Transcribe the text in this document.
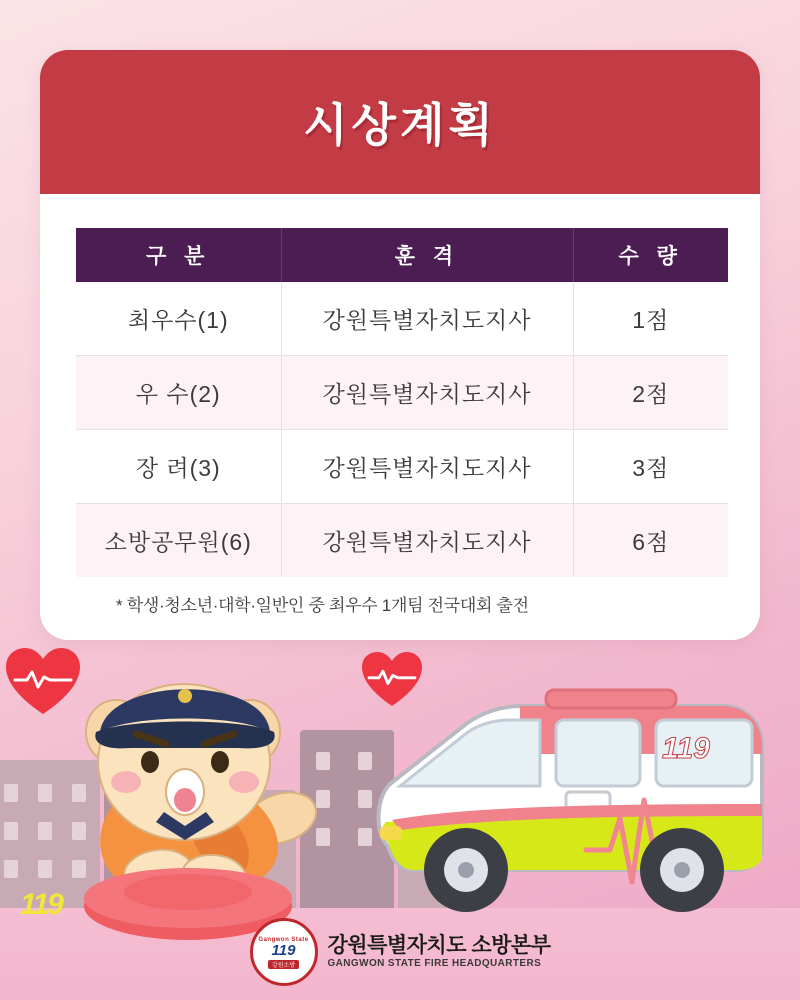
119
119
시상계획
구 분	훈 격	수 량
최우수(1)	강원특별자치도지사	1점
우 수(2)	강원특별자치도지사	2점
장 려(3)	강원특별자치도지사	3점
소방공무원(6)	강원특별자치도지사	6점
* 학생·청소년·대학·일반인 중 최우수 1개팀 전국대회 출전
Gangwon State
119
강원소방
강원특별자치도 소방본부
GANGWON STATE FIRE HEADQUARTERS
